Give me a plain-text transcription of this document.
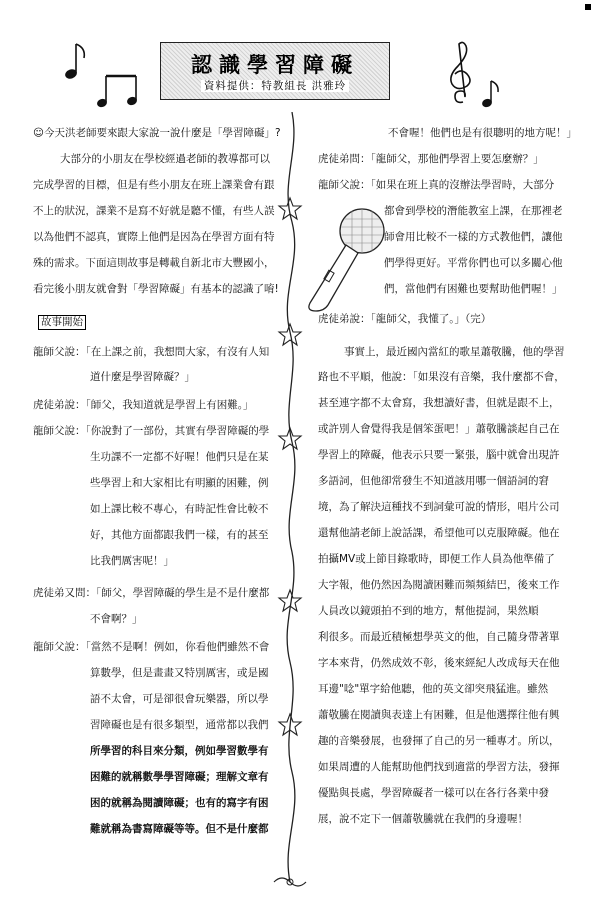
認識學習障礙
資料提供：特教組長 洪雅玲
☺今天洪老師要來跟大家說一說什麼是「學習障礙」?
大部分的小朋友在學校經過老師的教導都可以
完成學習的目標，但是有些小朋友在班上課業會有跟
不上的狀況，課業不是寫不好就是聽不懂，有些人誤
以為他們不認真，實際上他們是因為在學習方面有特
殊的需求。下面這則故事是轉載自新北市大豐國小，
看完後小朋友就會對「學習障礙」有基本的認識了唷!
故事開始
龍師父說：「在上課之前，我想問大家，有沒有人知
道什麼是學習障礙？」
虎徒弟說：「師父，我知道就是學習上有困難。」
龍師父說：「你說對了一部份，其實有學習障礙的學
生功課不一定都不好喔！他們只是在某
些學習上和大家相比有明顯的困難，例
如上課比較不專心，有時記性會比較不
好，其他方面都跟我們一樣，有的甚至
比我們厲害呢！」
虎徒弟又問：「師父，學習障礙的學生是不是什麼都
不會啊？」
龍師父說：「當然不是啊！例如，你看他們雖然不會
算數學，但是畫畫又特別厲害，或是國
語不太會，可是卻很會玩樂器，所以學
習障礙也是有很多類型，通常都以我們
所學習的科目來分類，例如學習數學有
困難的就稱數學學習障礙；理解文章有
困的就稱為閱讀障礙；也有的寫字有困
難就稱為書寫障礙等等。但不是什麼都
不會喔！他們也是有很聰明的地方呢！」
虎徒弟問：「龍師父，那他們學習上要怎麼辦？」
龍師父說：「如果在班上真的沒辦法學習時，大部分
都會到學校的潛能教室上課，在那裡老
師會用比較不一樣的方式教他們，讓他
們學得更好。平常你們也可以多關心他
們，當他們有困難也要幫助他們喔！」
虎徒弟說：「龍師父，我懂了。」（完）
事實上，最近國內當紅的歌星蕭敬騰，他的學習
路也不平順，他說：「如果沒有音樂，我什麼都不會，
甚至連字都不太會寫，我想讀好書，但就是跟不上，
或許別人會覺得我是個笨蛋吧！」蕭敬騰談起自己在
學習上的障礙，他表示只要一緊張，腦中就會出現許
多語詞，但他卻常發生不知道該用哪一個語詞的窘
境，為了解決這種找不到詞彙可說的情形，唱片公司
還幫他請老師上說話課，希望他可以克服障礙。他在
拍攝MV或上節目錄歌時，即便工作人員為他準備了
大字報，他仍然因為閱讀困難而頻頻結巴，後來工作
人員改以鏡頭拍不到的地方，幫他提詞，果然順
利很多。而最近積極想學英文的他，自己隨身帶著單
字本來背，仍然成效不彰，後來經紀人改成每天在他
耳邊"唸"單字給他聽，他的英文卻突飛猛進。雖然
蕭敬騰在閱讀與表達上有困難，但是他選擇往他有興
趣的音樂發展，也發揮了自己的另一種專才。所以，
如果周遭的人能幫助他們找到適當的學習方法，發揮
優點與長處，學習障礙者一樣可以在各行各業中發
展，說不定下一個蕭敬騰就在我們的身邊喔！
